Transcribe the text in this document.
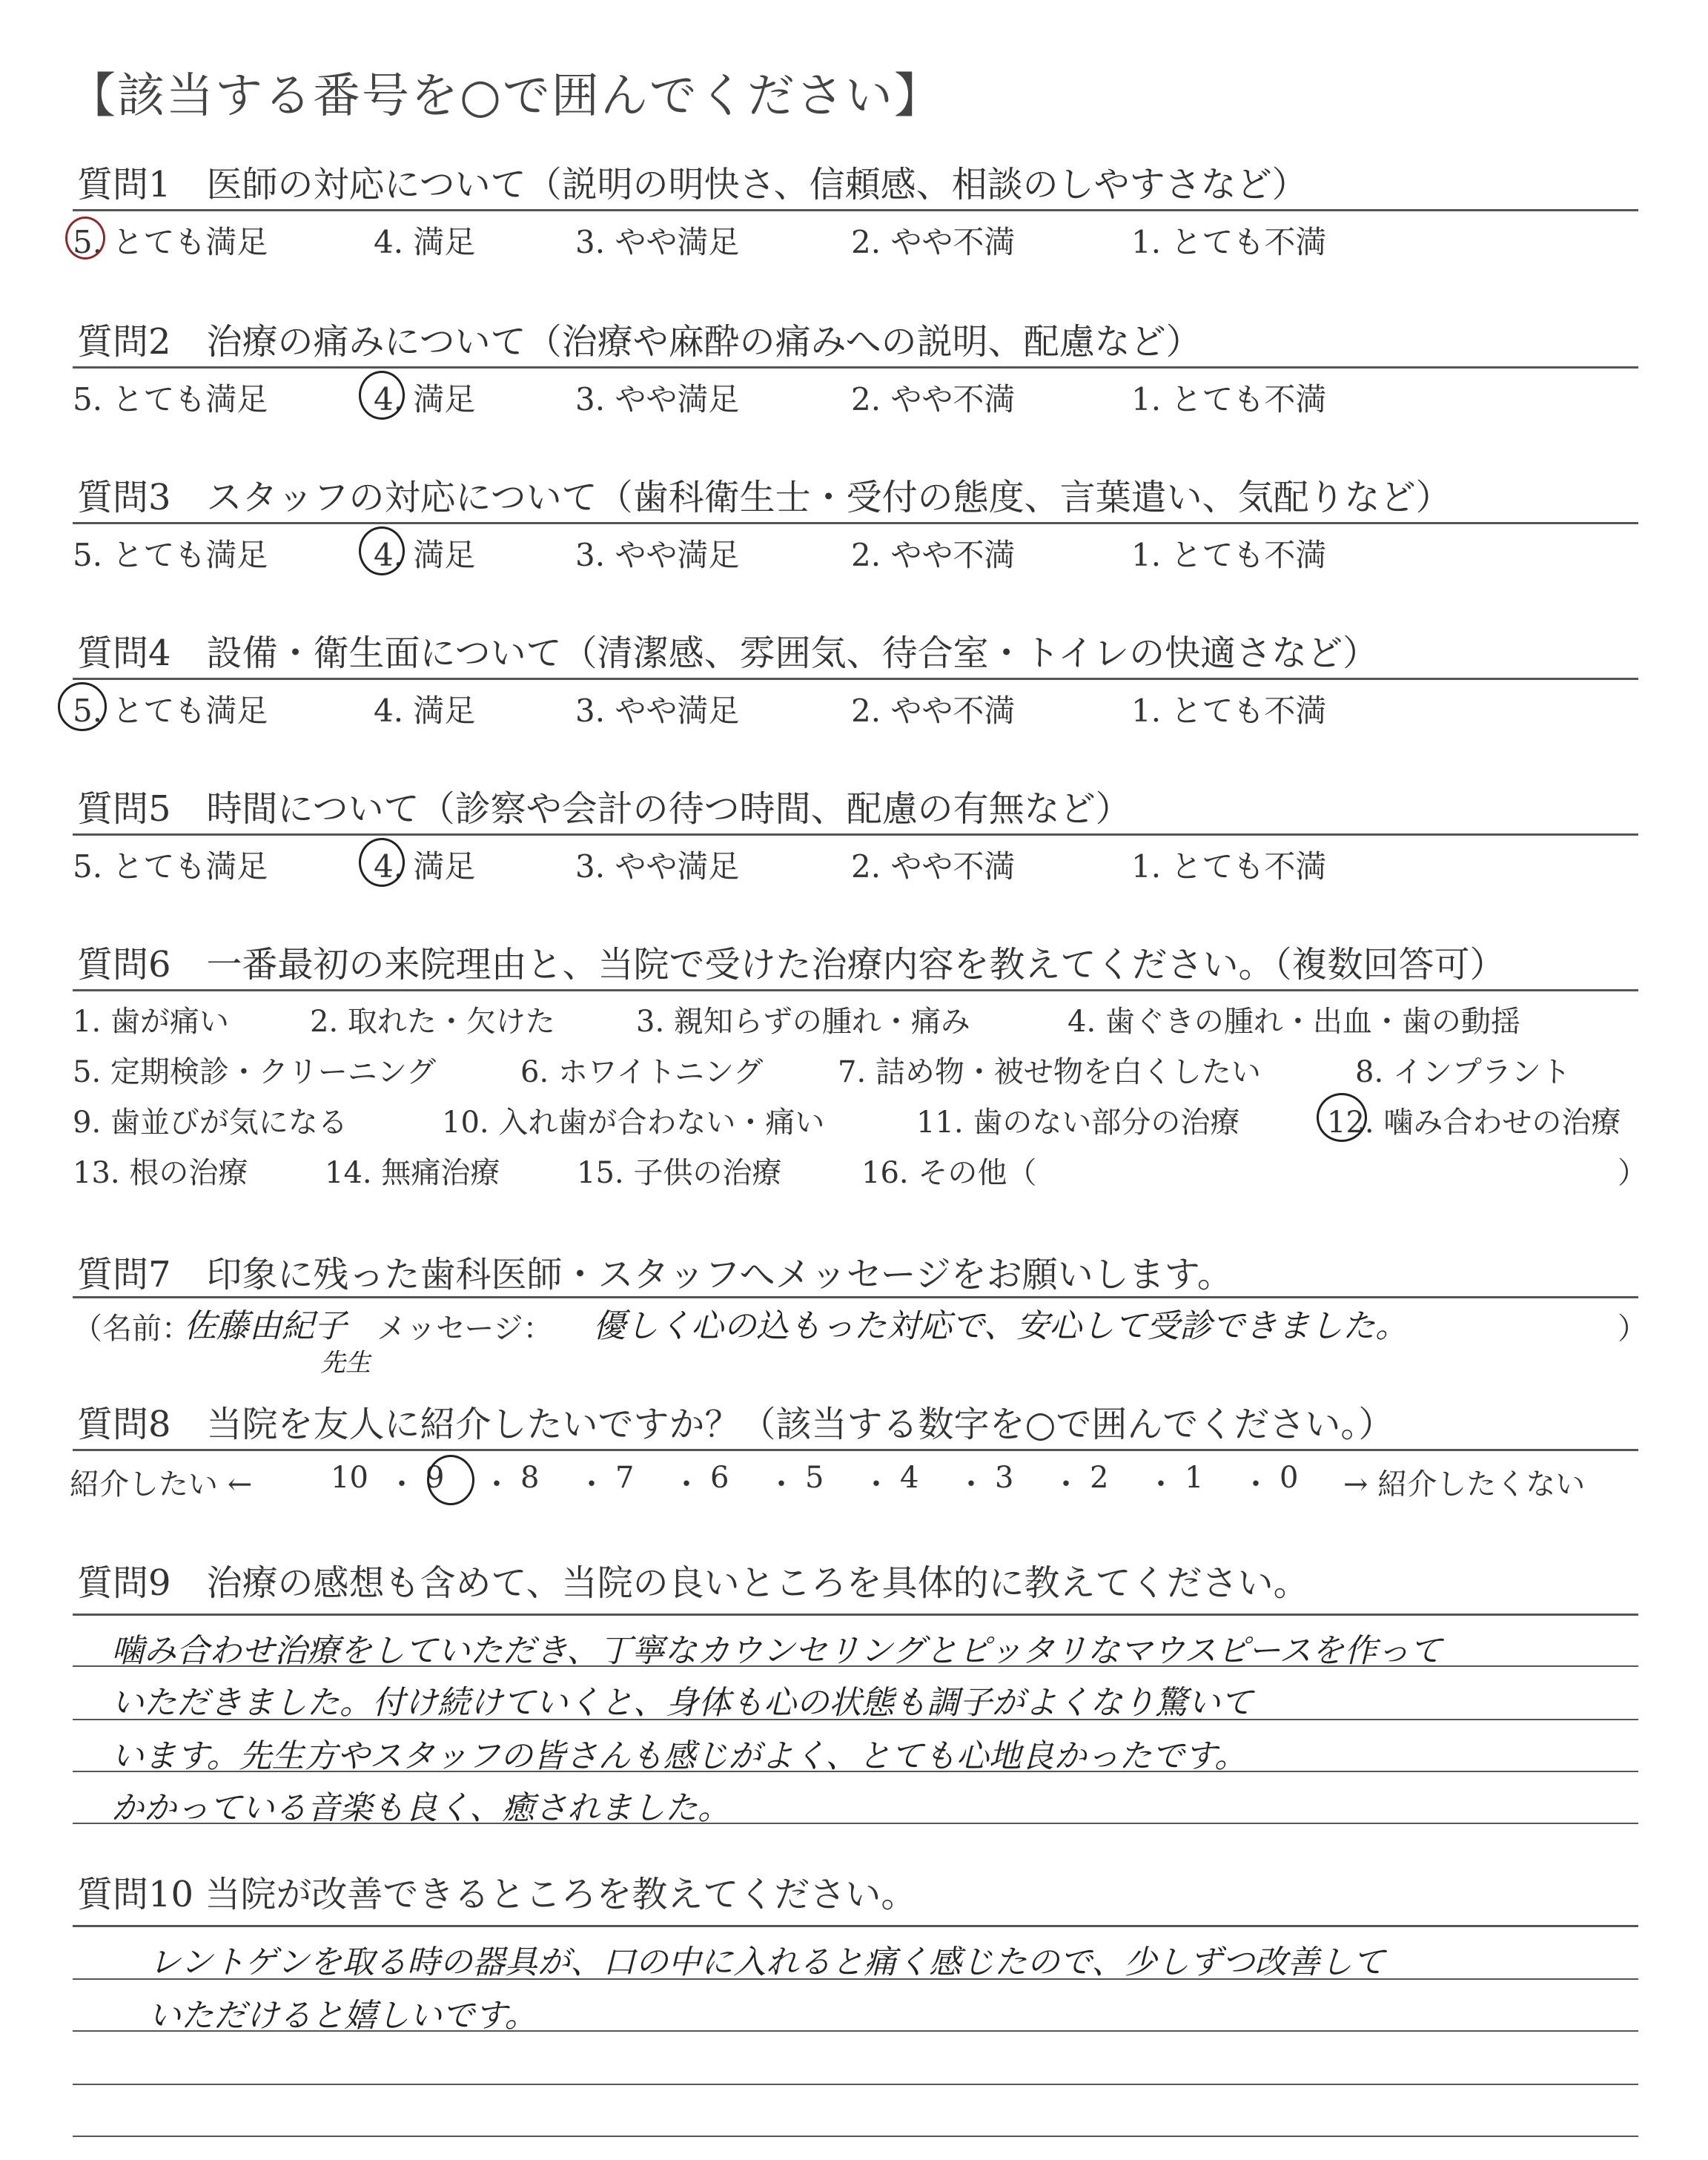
【該当する番号を○で囲んでください】
質問1　医師の対応について（説明の明快さ、信頼感、相談のしやすさなど）
5. とても満足	4. 満足	3. やや満足	2. やや不満	1. とても不満
質問2　治療の痛みについて（治療や麻酔の痛みへの説明、配慮など）
5. とても満足	4. 満足	3. やや満足	2. やや不満	1. とても不満
質問3　スタッフの対応について（歯科衛生士・受付の態度、言葉遣い、気配りなど）
5. とても満足	4. 満足	3. やや満足	2. やや不満	1. とても不満
質問4　設備・衛生面について（清潔感、雰囲気、待合室・トイレの快適さなど）
5. とても満足	4. 満足	3. やや満足	2. やや不満	1. とても不満
質問5　時間について（診察や会計の待つ時間、配慮の有無など）
5. とても満足	4. 満足	3. やや満足	2. やや不満	1. とても不満
質問6　一番最初の来院理由と、当院で受けた治療内容を教えてください。（複数回答可）
1. 歯が痛い	2. 取れた・欠けた	3. 親知らずの腫れ・痛み	4. 歯ぐきの腫れ・出血・歯の動揺
5. 定期検診・クリーニング	6. ホワイトニング	7. 詰め物・被せ物を白くしたい	8. インプラント
9. 歯並びが気になる	10. 入れ歯が合わない・痛い	11. 歯のない部分の治療	12. 噛み合わせの治療
13. 根の治療	14. 無痛治療	15. 子供の治療	16. その他（	）
質問7　印象に残った歯科医師・スタッフへメッセージをお願いします。
（名前：
佐藤由紀子
先生
メッセージ： 優しく心の込もった対応で、安心して受診できました。	）
質問8　当院を友人に紹介したいですか？（該当する数字を○で囲んでください。）
紹介したい ←	10 ・ 9 ・ 8 ・ 7 ・ 6 ・ 5 ・ 4 ・ 3 ・ 2 ・ 1 ・ 0 → 紹介したくない
質問9　治療の感想も含めて、当院の良いところを具体的に教えてください。
噛み合わせ治療をしていただき、丁寧なカウンセリングとピッタリなマウスピースを作って
いただきました。付け続けていくと、身体も心の状態も調子がよくなり驚いて
います。先生方やスタッフの皆さんも感じがよく、とても心地良かったです。
かかっている音楽も良く、癒されました。
質問10 当院が改善できるところを教えてください。
レントゲンを取る時の器具が、口の中に入れると痛く感じたので、少しずつ改善して
いただけると嬉しいです。
